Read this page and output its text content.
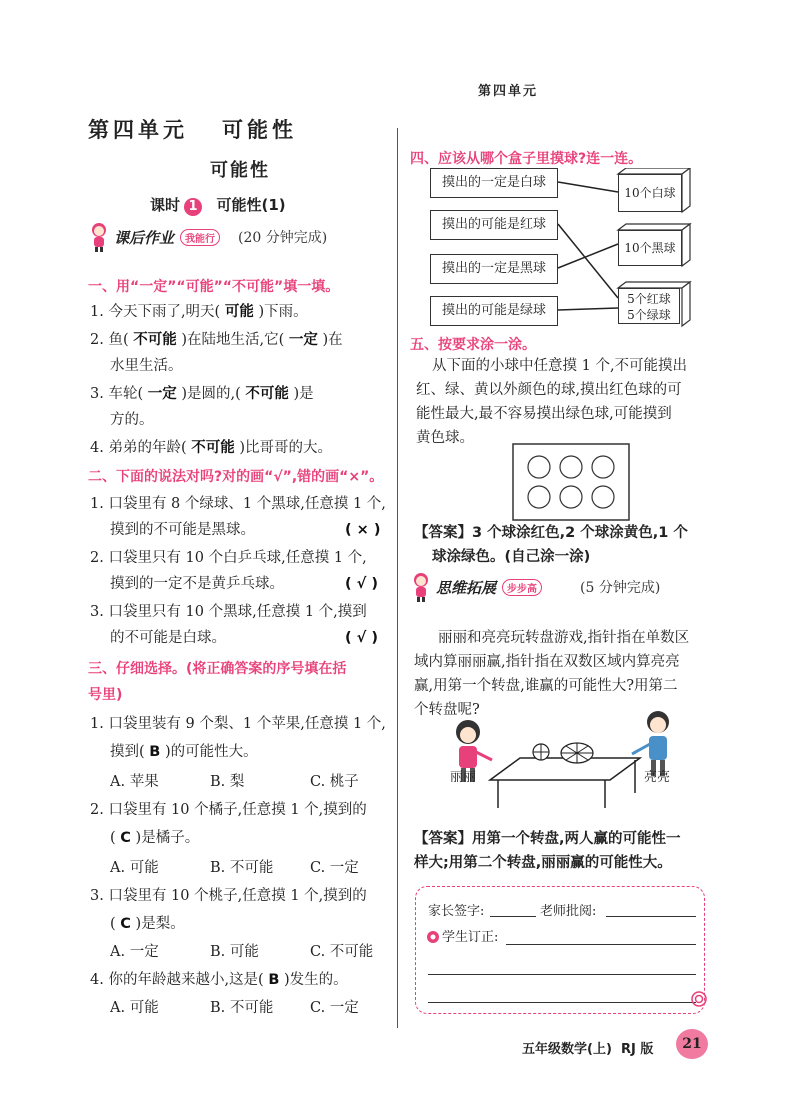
第四单元
第四单元 可能性
可能性
课时 1 可能性(1)
课后作业	我能行	(20 分钟完成)
一、用“一定”“可能”“不可能”填一填。
1. 今天下雨了,明天( 可能 )下雨。
2. 鱼( 不可能 )在陆地生活,它( 一定 )在
水里生活。
3. 车轮( 一定 )是圆的,( 不可能 )是
方的。
4. 弟弟的年龄( 不可能 )比哥哥的大。
二、下面的说法对吗?对的画“√”,错的画“×”。
1. 口袋里有 8 个绿球、1 个黑球,任意摸 1 个,
摸到的不可能是黑球。	( × )
2. 口袋里只有 10 个白乒乓球,任意摸 1 个,
摸到的一定不是黄乒乓球。	( √ )
3. 口袋里只有 10 个黑球,任意摸 1 个,摸到
的不可能是白球。	( √ )
三、仔细选择。(将正确答案的序号填在括
号里)
1. 口袋里装有 9 个梨、1 个苹果,任意摸 1 个,
摸到( B )的可能性大。
A. 苹果	B. 梨	C. 桃子
2. 口袋里有 10 个橘子,任意摸 1 个,摸到的
( C )是橘子。
A. 可能	B. 不可能	C. 一定
3. 口袋里有 10 个桃子,任意摸 1 个,摸到的
( C )是梨。
A. 一定	B. 可能	C. 不可能
4. 你的年龄越来越小,这是( B )发生的。
A. 可能	B. 不可能	C. 一定
四、应该从哪个盒子里摸球?连一连。
摸出的一定是白球
摸出的可能是红球
摸出的一定是黑球
摸出的可能是绿球
10个白球
10个黑球
5个红球
5个绿球
五、按要求涂一涂。
从下面的小球中任意摸 1 个,不可能摸出
红、绿、黄以外颜色的球,摸出红色球的可
能性最大,最不容易摸出绿色球,可能摸到
黄色球。
【答案】3 个球涂红色,2 个球涂黄色,1 个
球涂绿色。(自己涂一涂)
思维拓展	步步高	(5 分钟完成)
丽丽和亮亮玩转盘游戏,指针指在单数区
域内算丽丽赢,指针指在双数区域内算亮亮
赢,用第一个转盘,谁赢的可能性大?用第二
个转盘呢?
丽丽	亮亮
【答案】用第一个转盘,两人赢的可能性一
样大;用第二个转盘,丽丽赢的可能性大。
家长签字:	老师批阅:
学生订正:
五年级数学(上) RJ 版	21
